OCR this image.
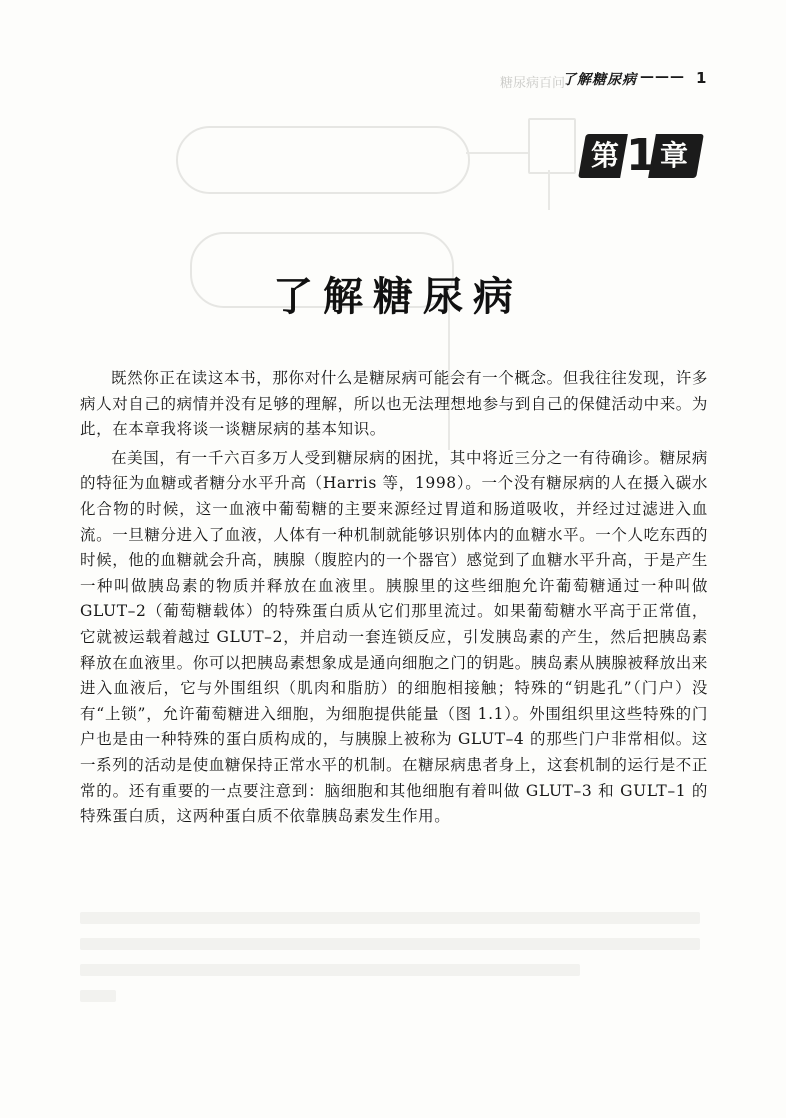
糖尿病百问
了解糖尿病 ——— 1
第 1 章
了解糖尿病

既然你正在读这本书，那你对什么是糖尿病可能会有一个概念。但我往往发现，许多病人对自己的病情并没有足够的理解，所以也无法理想地参与到自己的保健活动中来。为此，在本章我将谈一谈糖尿病的基本知识。

在美国，有一千六百多万人受到糖尿病的困扰，其中将近三分之一有待确诊。糖尿病的特征为血糖或者糖分水平升高（Harris 等，1998）。一个没有糖尿病的人在摄入碳水化合物的时候，这一血液中葡萄糖的主要来源经过胃道和肠道吸收，并经过过滤进入血流。一旦糖分进入了血液，人体有一种机制就能够识别体内的血糖水平。一个人吃东西的时候，他的血糖就会升高，胰腺（腹腔内的一个器官）感觉到了血糖水平升高，于是产生一种叫做胰岛素的物质并释放在血液里。胰腺里的这些细胞允许葡萄糖通过一种叫做 GLUT–2（葡萄糖载体）的特殊蛋白质从它们那里流过。如果葡萄糖水平高于正常值，它就被运载着越过 GLUT–2，并启动一套连锁反应，引发胰岛素的产生，然后把胰岛素释放在血液里。你可以把胰岛素想象成是通向细胞之门的钥匙。胰岛素从胰腺被释放出来进入血液后，它与外围组织（肌肉和脂肪）的细胞相接触；特殊的“钥匙孔”（门户）没有“上锁”，允许葡萄糖进入细胞，为细胞提供能量（图 1.1）。外围组织里这些特殊的门户也是由一种特殊的蛋白质构成的，与胰腺上被称为 GLUT–4 的那些门户非常相似。这一系列的活动是使血糖保持正常水平的机制。在糖尿病患者身上，这套机制的运行是不正常的。还有重要的一点要注意到：脑细胞和其他细胞有着叫做 GLUT–3 和 GULT–1 的特殊蛋白质，这两种蛋白质不依靠胰岛素发生作用。
